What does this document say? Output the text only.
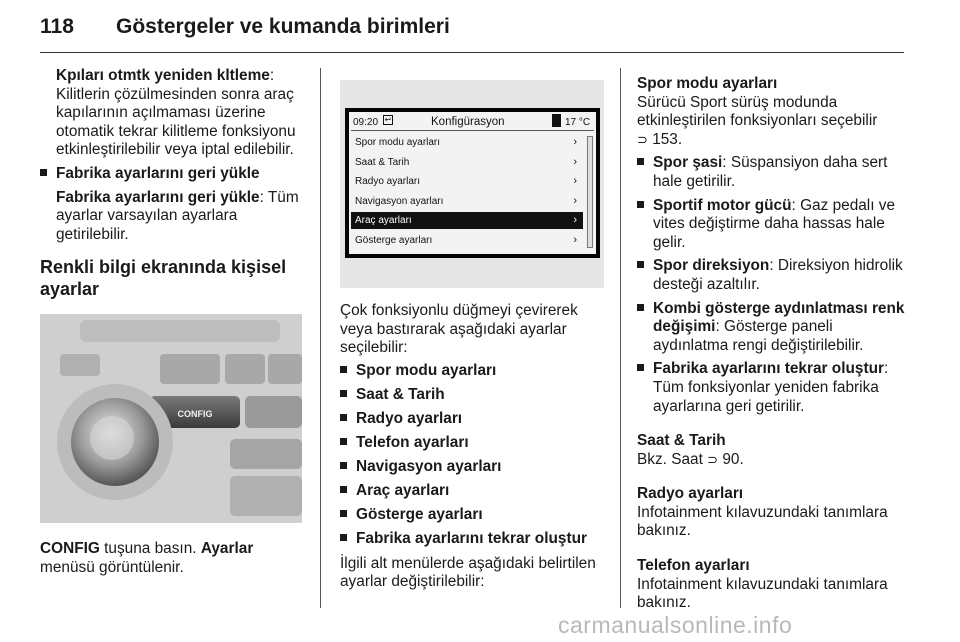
118 Göstergeler ve kumanda birimleri

Kpıları otmtk yeniden kltleme: Kilitlerin çözülmesinden sonra araç kapılarının açılmaması üzerine otomatik tekrar kilitleme fonksiyonu etkinleştirilebilir veya iptal edilebilir.

Fabrika ayarlarını geri yükle

Fabrika ayarlarını geri yükle: Tüm ayarlar varsayılan ayarlara getirilebilir.

Renkli bilgi ekranında kişisel ayarlar
CONFIG
CONFIG tuşuna basın. Ayarlar menüsü görüntülenir.
09:20 ↩	Konfigürasyon	17 °C
Spor modu ayarları	›
Saat & Tarih	›
Radyo ayarları	›
Navigasyon ayarları	›
Araç ayarları	›
Gösterge ayarları	›

Çok fonksiyonlu düğmeyi çevirerek veya bastırarak aşağıdaki ayarlar seçilebilir:

Spor modu ayarları
Saat & Tarih
Radyo ayarları
Telefon ayarları
Navigasyon ayarları
Araç ayarları
Gösterge ayarları
Fabrika ayarlarını tekrar oluştur

İlgili alt menülerde aşağıdaki belirtilen ayarlar değiştirilebilir:

Spor modu ayarları

Sürücü Sport sürüş modunda etkinleştirilen fonksiyonları seçebilir
⊃ 153.

Spor şasi: Süspansiyon daha sert hale getirilir.
Sportif motor gücü: Gaz pedalı ve vites değiştirme daha hassas hale gelir.
Spor direksiyon: Direksiyon hidrolik desteği azaltılır.
Kombi gösterge aydınlatması renk değişimi: Gösterge paneli aydınlatma rengi değiştirilebilir.
Fabrika ayarlarını tekrar oluştur: Tüm fonksiyonlar yeniden fabrika ayarlarına geri getirilir.

Saat & Tarih

Bkz. Saat ⊃ 90.

Radyo ayarları

Infotainment kılavuzundaki tanımlara bakınız.

Telefon ayarları

Infotainment kılavuzundaki tanımlara bakınız.

carmanualsonline.info
